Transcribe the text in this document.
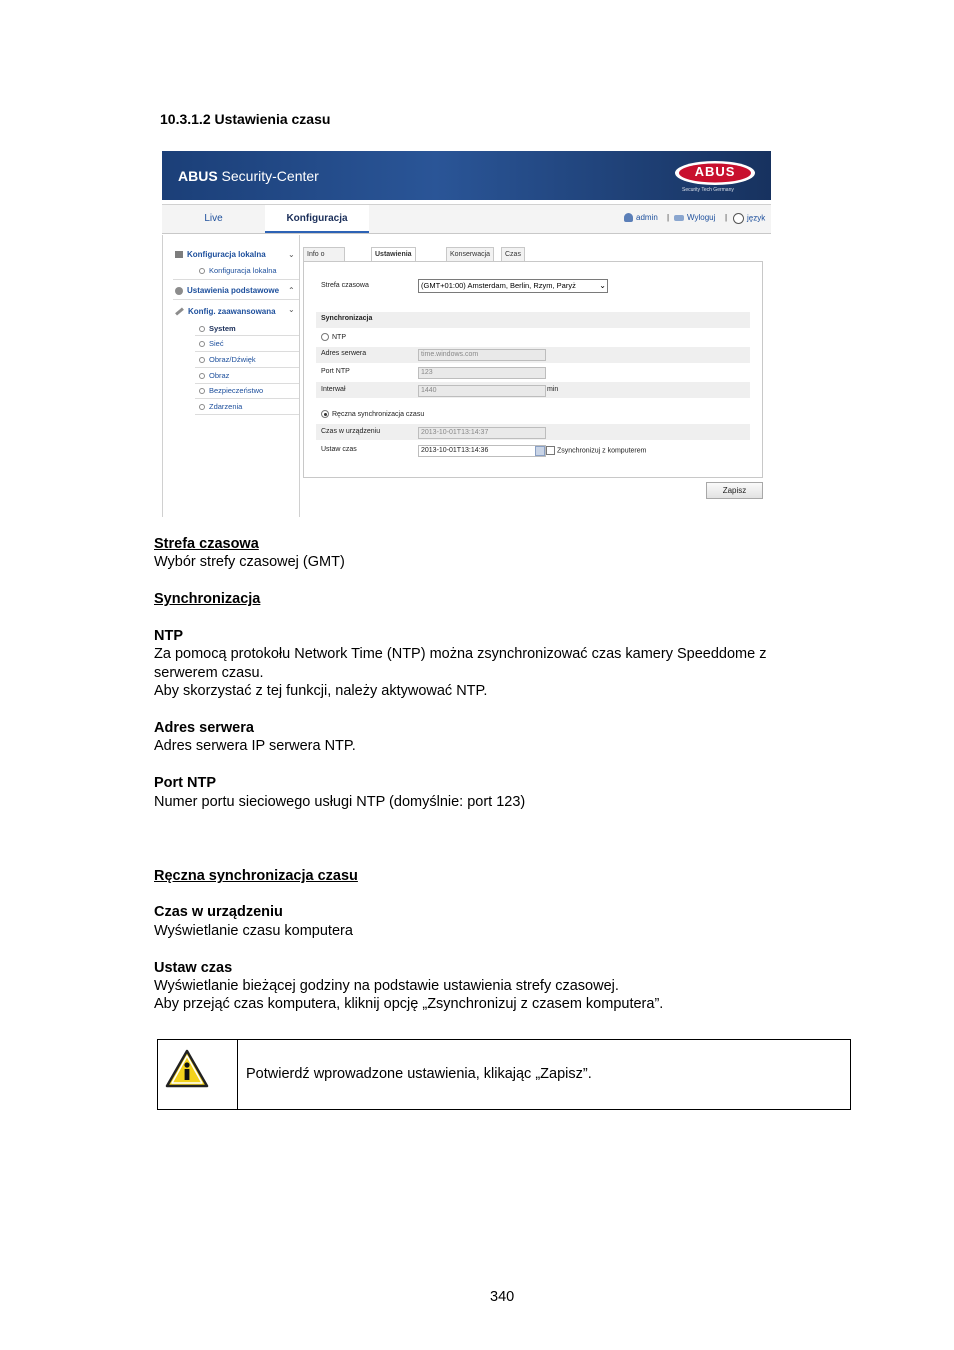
10.3.1.2 Ustawienia czasu
ABUS Security-Center	ABUS
Security Tech Germany
Live	Konfiguracja	admin |	Wyloguj |	język
Konfiguracja lokalna	⌄
Konfiguracja lokalna
Ustawienia podstawowe ⌃
Konfig. zaawansowana ⌄
System
Sieć
Obraz/Dźwięk
Obraz
Bezpieczeństwo
Zdarzenia
Info o	Ustawienia	Konserwacja	Czas
Strefa czasowa	(GMT+01:00) Amsterdam, Berlin, Rzym, Paryż	⌄
Synchronizacja
NTP
Adres serwera	time.windows.com
Port NTP	123
Interwał	1440	min
Ręczna synchronizacja czasu
Czas w urządzeniu	2013-10-01T13:14:37
Ustaw czas	2013-10-01T13:14:36	Zsynchronizuj z komputerem
Zapisz
Strefa czasowa
Wybór strefy czasowej (GMT)
Synchronizacja
NTP
Za pomocą protokołu Network Time (NTP) można zsynchronizować czas kamery Speeddome z
serwerem czasu.
Aby skorzystać z tej funkcji, należy aktywować NTP.
Adres serwera
Adres serwera IP serwera NTP.
Port NTP
Numer portu sieciowego usługi NTP (domyślnie: port 123)
Ręczna synchronizacja czasu
Czas w urządzeniu
Wyświetlanie czasu komputera
Ustaw czas
Wyświetlanie bieżącej godziny na podstawie ustawienia strefy czasowej.
Aby przejąć czas komputera, kliknij opcję „Zsynchronizuj z czasem komputera”.
Potwierdź wprowadzone ustawienia, klikając „Zapisz”.
340
